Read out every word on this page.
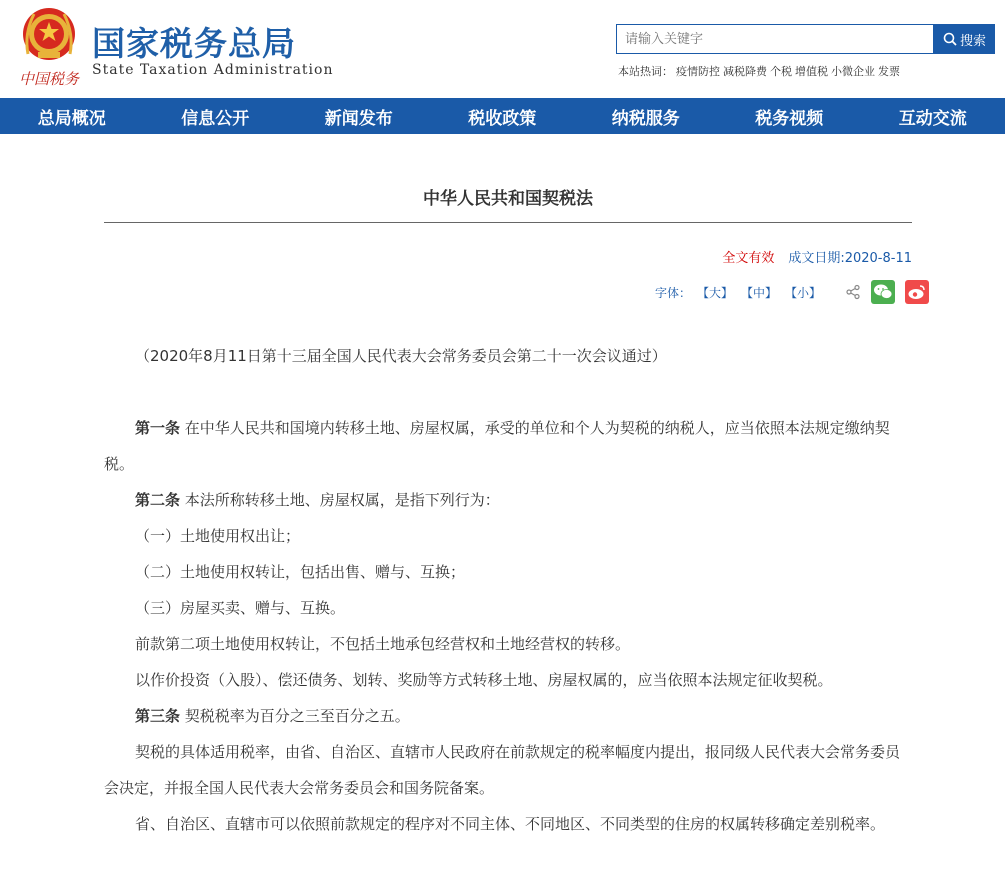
中国税务
国家税务总局
State Taxation Administration
请输入关键字
搜索
本站热词： 疫情防控 减税降费 个税 增值税 小微企业 发票
总局概况	信息公开	新闻发布	税收政策	纳税服务	税务视频	互动交流
中华人民共和国契税法
全文有效 成文日期:2020-8-11
字体： 【大】 【中】 【小】

（2020年8月11日第十三届全国人民代表大会常务委员会第二十一次会议通过）

第一条 在中华人民共和国境内转移土地、房屋权属，承受的单位和个人为契税的纳税人，应当依照本法规定缴纳契税。

第二条 本法所称转移土地、房屋权属，是指下列行为：

（一）土地使用权出让；

（二）土地使用权转让，包括出售、赠与、互换；

（三）房屋买卖、赠与、互换。

前款第二项土地使用权转让，不包括土地承包经营权和土地经营权的转移。

以作价投资（入股）、偿还债务、划转、奖励等方式转移土地、房屋权属的，应当依照本法规定征收契税。

第三条 契税税率为百分之三至百分之五。

契税的具体适用税率，由省、自治区、直辖市人民政府在前款规定的税率幅度内提出，报同级人民代表大会常务委员会决定，并报全国人民代表大会常务委员会和国务院备案。

省、自治区、直辖市可以依照前款规定的程序对不同主体、不同地区、不同类型的住房的权属转移确定差别税率。
